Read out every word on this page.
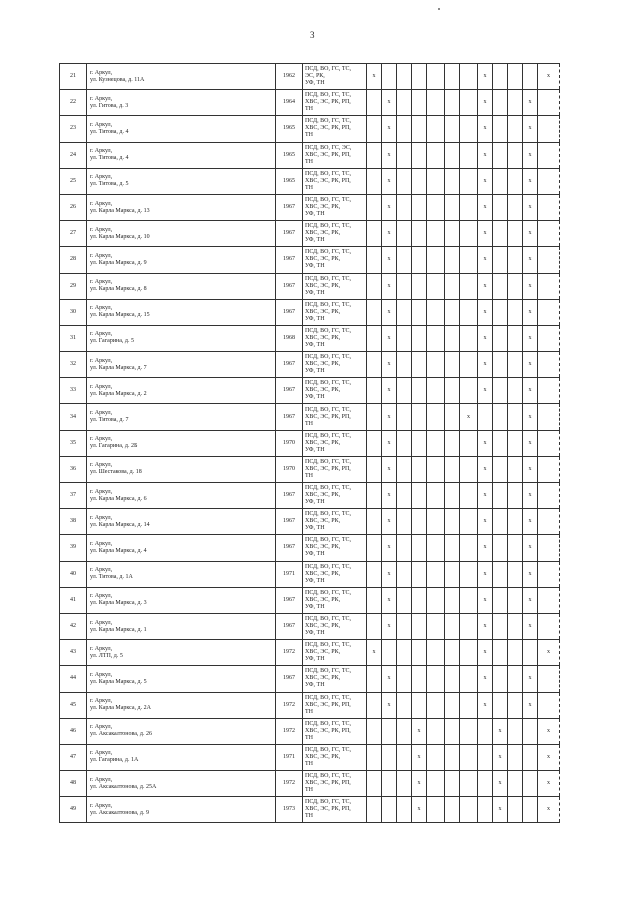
3
21	г. Аркул,
ул. Кузнецова, д. 11А	1962	ПСД, ВО, ГС, ТС,
ЭС, РК,
УФ, ТН	x							x				x
22	г. Аркул,
ул. Гитова, д. 3	1964	ПСД, ВО, ГС, ТС,
ХВС, ЭС, РК, РП,
ТН		x						x			x	
23	г. Аркул,
ул. Титова, д. 4	1965	ПСД, ВО, ГС, ТС,
ХВС, ЭС, РК, РП,
ТН		x						x			x	
24	г. Аркул,
ул. Титова, д. 4	1965	ПСД, ВО, ГС, ЭС,
ХВС, ЭС, РК, РП,
ТН		x						x			x	
25	г. Аркул,
ул. Титова, д. 5	1965	ПСД, ВО, ГС, ТС,
ХВС, ЭС, РК, РП,
ТН		x						x			x	
26	г. Аркул,
ул. Карла Маркса, д. 13	1967	ПСД, ВО, ГС, ТС,
ХВС, ЭС, РК,
УФ, ТН		x						x			x	
27	г. Аркул,
ул. Карла Маркса, д. 10	1967	ПСД, ВО, ГС, ТС,
ХВС, ЭС, РК,
УФ, ТН		x						x			x	
28	г. Аркул,
ул. Карла Маркса, д. 9	1967	ПСД, ВО, ГС, ТС,
ХВС, ЭС, РК,
УФ, ТН		x						x			x	
29	г. Аркул,
ул. Карла Маркса, д. 8	1967	ПСД, ВО, ГС, ТС,
ХВС, ЭС, РК,
УФ, ТН		x						x			x	
30	г. Аркул,
ул. Карла Маркса, д. 15	1967	ПСД, ВО, ГС, ТС,
ХВС, ЭС, РК,
УФ, ТН		x						x			x	
31	г. Аркул,
ул. Гагарина, д. 5	1968	ПСД, ВО, ГС, ТС,
ХВС, ЭС, РК,
УФ, ТН		x						x			x	
32	г. Аркул,
ул. Карла Маркса, д. 7	1967	ПСД, ВО, ГС, ТС,
ХВС, ЭС, РК,
УФ, ТН		x						x			x	
33	г. Аркул,
ул. Карла Маркса, д. 2	1967	ПСД, ВО, ГС, ТС,
ХВС, ЭС, РК,
УФ, ТН		x						x			x	
34	г. Аркул,
ул. Титова, д. 7	1967	ПСД, ВО, ГС, ТС,
ХВС, ЭС, РК, РП,
ТН		x					x				x	
35	г. Аркул,
ул. Гагарина, д. 2Б	1970	ПСД, ВО, ГС, ТС,
ХВС, ЭС, РК,
УФ, ТН		x						x			x	
36	г. Аркул,
ул. Шестакова, д. 18	1970	ПСД, ВО, ГС, ТС,
ХВС, ЭС, РК, РП,
ТН		x						x			x	
37	г. Аркул,
ул. Карла Маркса, д. 6	1967	ПСД, ВО, ГС, ТС,
ХВС, ЭС, РК,
УФ, ТН		x						x			x	
38	г. Аркул,
ул. Карла Маркса, д. 14	1967	ПСД, ВО, ГС, ТС,
ХВС, ЭС, РК,
УФ, ТН		x						x			x	
39	г. Аркул,
ул. Карла Маркса, д. 4	1967	ПСД, ВО, ГС, ТС,
ХВС, ЭС, РК,
УФ, ТН		x						x			x	
40	г. Аркул,
ул. Титова, д. 1А	1971	ПСД, ВО, ГС, ТС,
ХВС, ЭС, РК,
УФ, ТН		x						x			x	
41	г. Аркул,
ул. Карла Маркса, д. 3	1967	ПСД, ВО, ГС, ТС,
ХВС, ЭС, РК,
УФ, ТН		x						x			x	
42	г. Аркул,
ул. Карла Маркса, д. 1	1967	ПСД, ВО, ГС, ТС,
ХВС, ЭС, РК,
УФ, ТН		x						x			x	
43	г. Аркул,
ул. ЛТП, д. 5	1972	ПСД, ВО, ГС, ТС,
ХВС, ЭС, РК,
УФ, ТН	x							x				x
44	г. Аркул,
ул. Карла Маркса, д. 5	1967	ПСД, ВО, ГС, ТС,
ХВС, ЭС, РК,
УФ, ТН		x						x			x	
45	г. Аркул,
ул. Карла Маркса, д. 2А	1972	ПСД, ВО, ГС, ТС,
ХВС, ЭС, РК, РП,
ТН		x						x			x	
46	г. Аркул,
ул. Аксакалтонова, д. 26	1972	ПСД, ВО, ГС, ТС,
ХВС, ЭС, РК, РП,
ТН				x					x			x
47	г. Аркул,
ул. Гагарина, д. 1А	1971	ПСД, ВО, ГС, ТС,
ХВС, ЭС, РК,
ТН				x					x			x
48	г. Аркул,
ул. Аксакалтонова, д. 25А	1972	ПСД, ВО, ГС, ТС,
ХВС, ЭС, РК, РП,
ТН				x					x			x
49	г. Аркул,
ул. Аксакалтонова, д. 9	1973	ПСД, ВО, ГС, ТС,
ХВС, ЭС, РК, РП,
ТН				x					x			x
